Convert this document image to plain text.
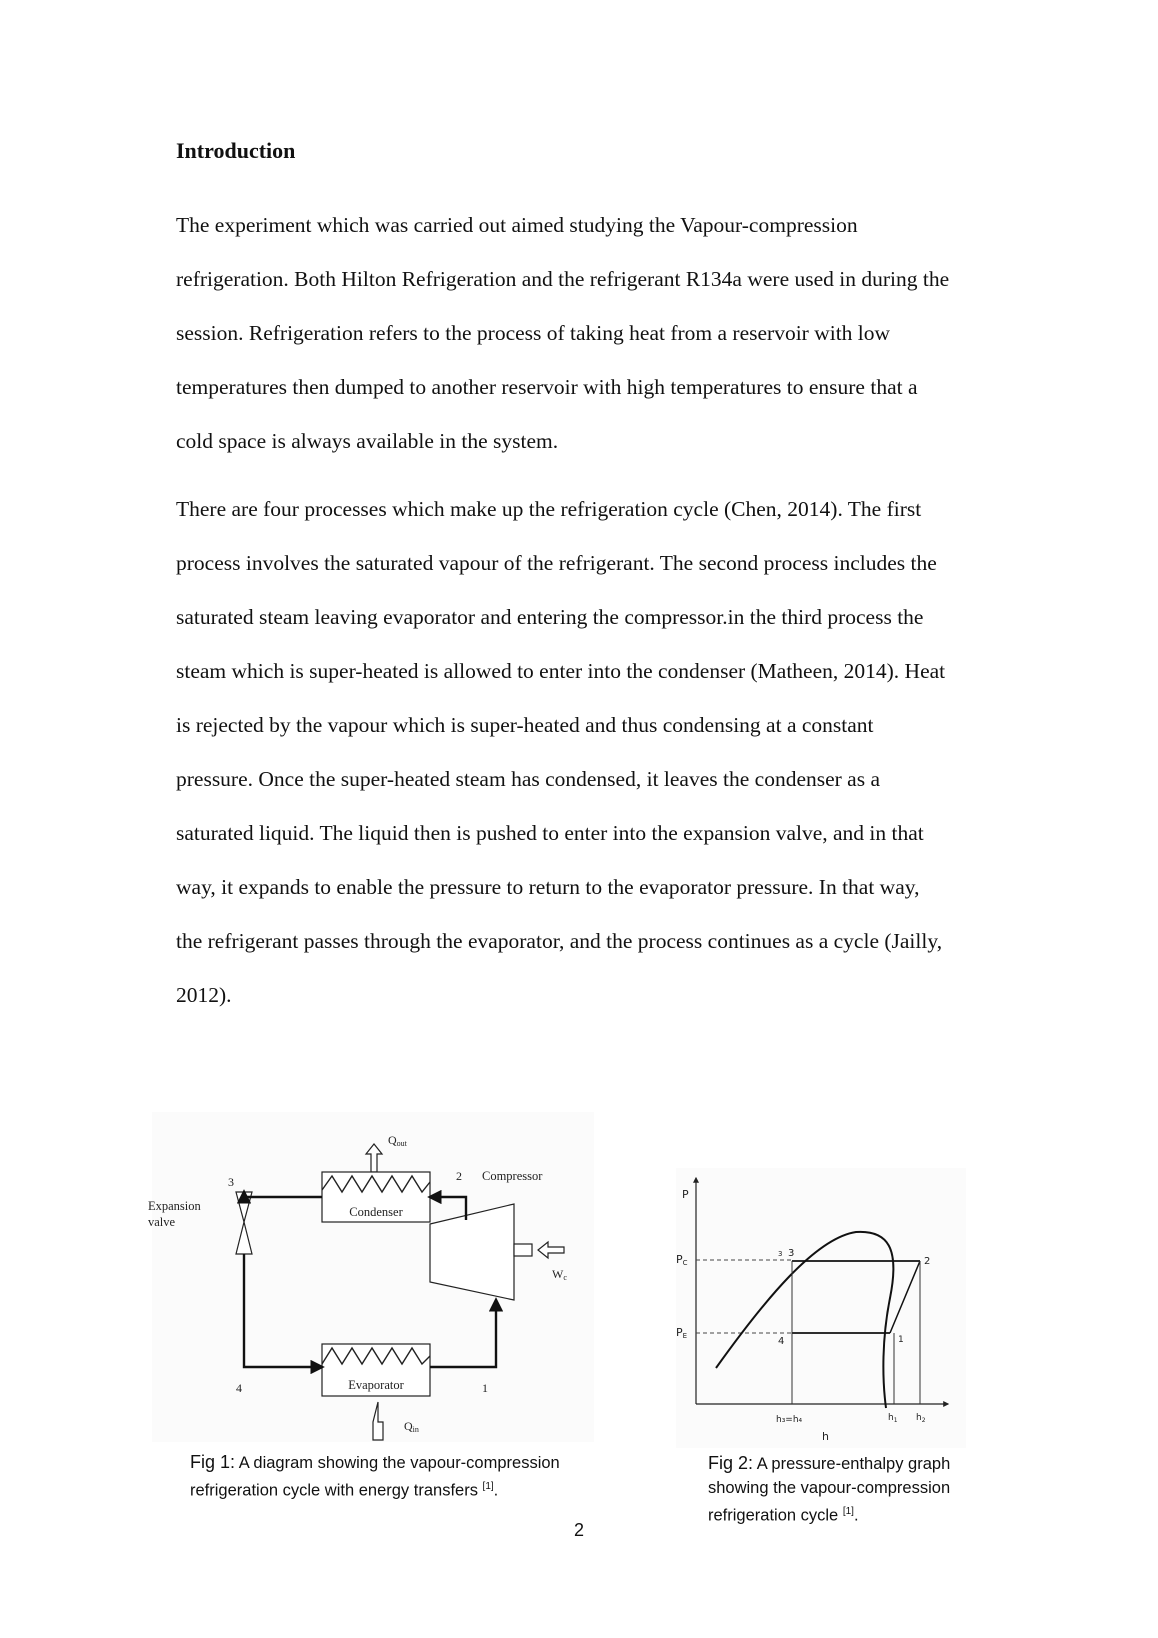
Introduction

The experiment which was carried out aimed studying the Vapour-compression
refrigeration. Both Hilton Refrigeration and the refrigerant R134a were used in during the
session. Refrigeration refers to the process of taking heat from a reservoir with low
temperatures then dumped to another reservoir with high temperatures to ensure that a
cold space is always available in the system.

There are four processes which make up the refrigeration cycle (Chen, 2014). The first
process involves the saturated vapour of the refrigerant. The second process includes the
saturated steam leaving evaporator and entering the compressor.in the third process the
steam which is super-heated is allowed to enter into the condenser (Matheen, 2014). Heat
is rejected by the vapour which is super-heated and thus condensing at a constant
pressure. Once the super-heated steam has condensed, it leaves the condenser as a
saturated liquid. The liquid then is pushed to enter into the expansion valve, and in that
way, it expands to enable the pressure to return to the evaporator pressure. In that way,
the refrigerant passes through the evaporator, and the process continues as a cycle (Jailly,
2012).

Qout
Condenser
Evaporator
Qin
Compressor
Wc
Expansion
valve
3	2
4	1

Fig 1: A diagram showing the vapour-compression
refrigeration cycle with energy transfers [1].

P
h
PC
PE
3 3
2
4	1
h₃=h₄	$h_1$ $h_2$

Fig 2: A pressure-enthalpy graph
showing the vapour-compression
refrigeration cycle [1].

2
